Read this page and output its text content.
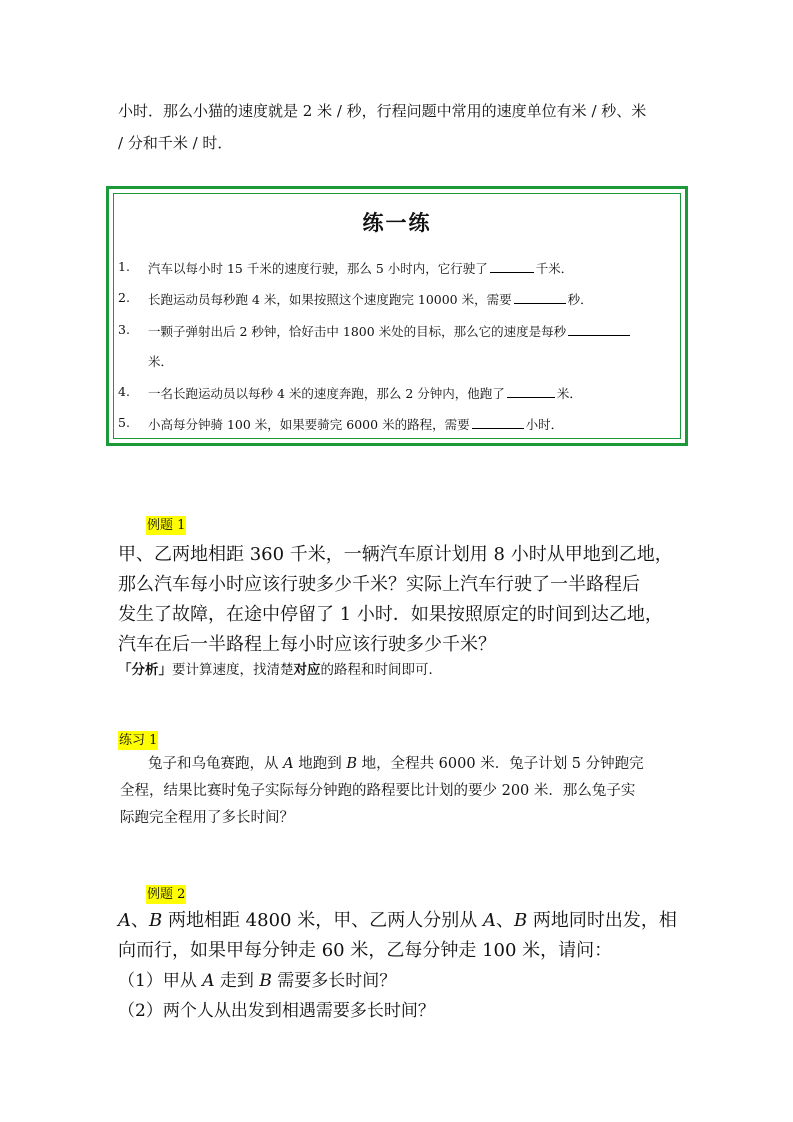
小时．那么小猫的速度就是 2 米 / 秒，行程问题中常用的速度单位有米 / 秒、米
/ 分和千米 / 时．
练一练
1. 汽车以每小时 15 千米的速度行驶，那么 5 小时内，它行驶了	千米．
2. 长跑运动员每秒跑 4 米，如果按照这个速度跑完 10000 米，需要	秒．
3. 一颗子弹射出后 2 秒钟，恰好击中 1800 米处的目标，那么它的速度是每秒
米．
4. 一名长跑运动员以每秒 4 米的速度奔跑，那么 2 分钟内，他跑了	米．
5. 小高每分钟骑 100 米，如果要骑完 6000 米的路程，需要	小时．
例题 1
甲、乙两地相距 360 千米，一辆汽车原计划用 8 小时从甲地到乙地，
那么汽车每小时应该行驶多少千米？实际上汽车行驶了一半路程后
发生了故障，在途中停留了 1 小时．如果按照原定的时间到达乙地，
汽车在后一半路程上每小时应该行驶多少千米？
「分析」要计算速度，找清楚对应的路程和时间即可．
练习 1
兔子和乌龟赛跑，从 A 地跑到 B 地，全程共 6000 米．兔子计划 5 分钟跑完
全程，结果比赛时兔子实际每分钟跑的路程要比计划的要少 200 米．那么兔子实
际跑完全程用了多长时间？
例题 2
A、B 两地相距 4800 米，甲、乙两人分别从 A、B 两地同时出发，相
向而行，如果甲每分钟走 60 米，乙每分钟走 100 米，请问：
（1）甲从 A 走到 B 需要多长时间？
（2）两个人从出发到相遇需要多长时间？
